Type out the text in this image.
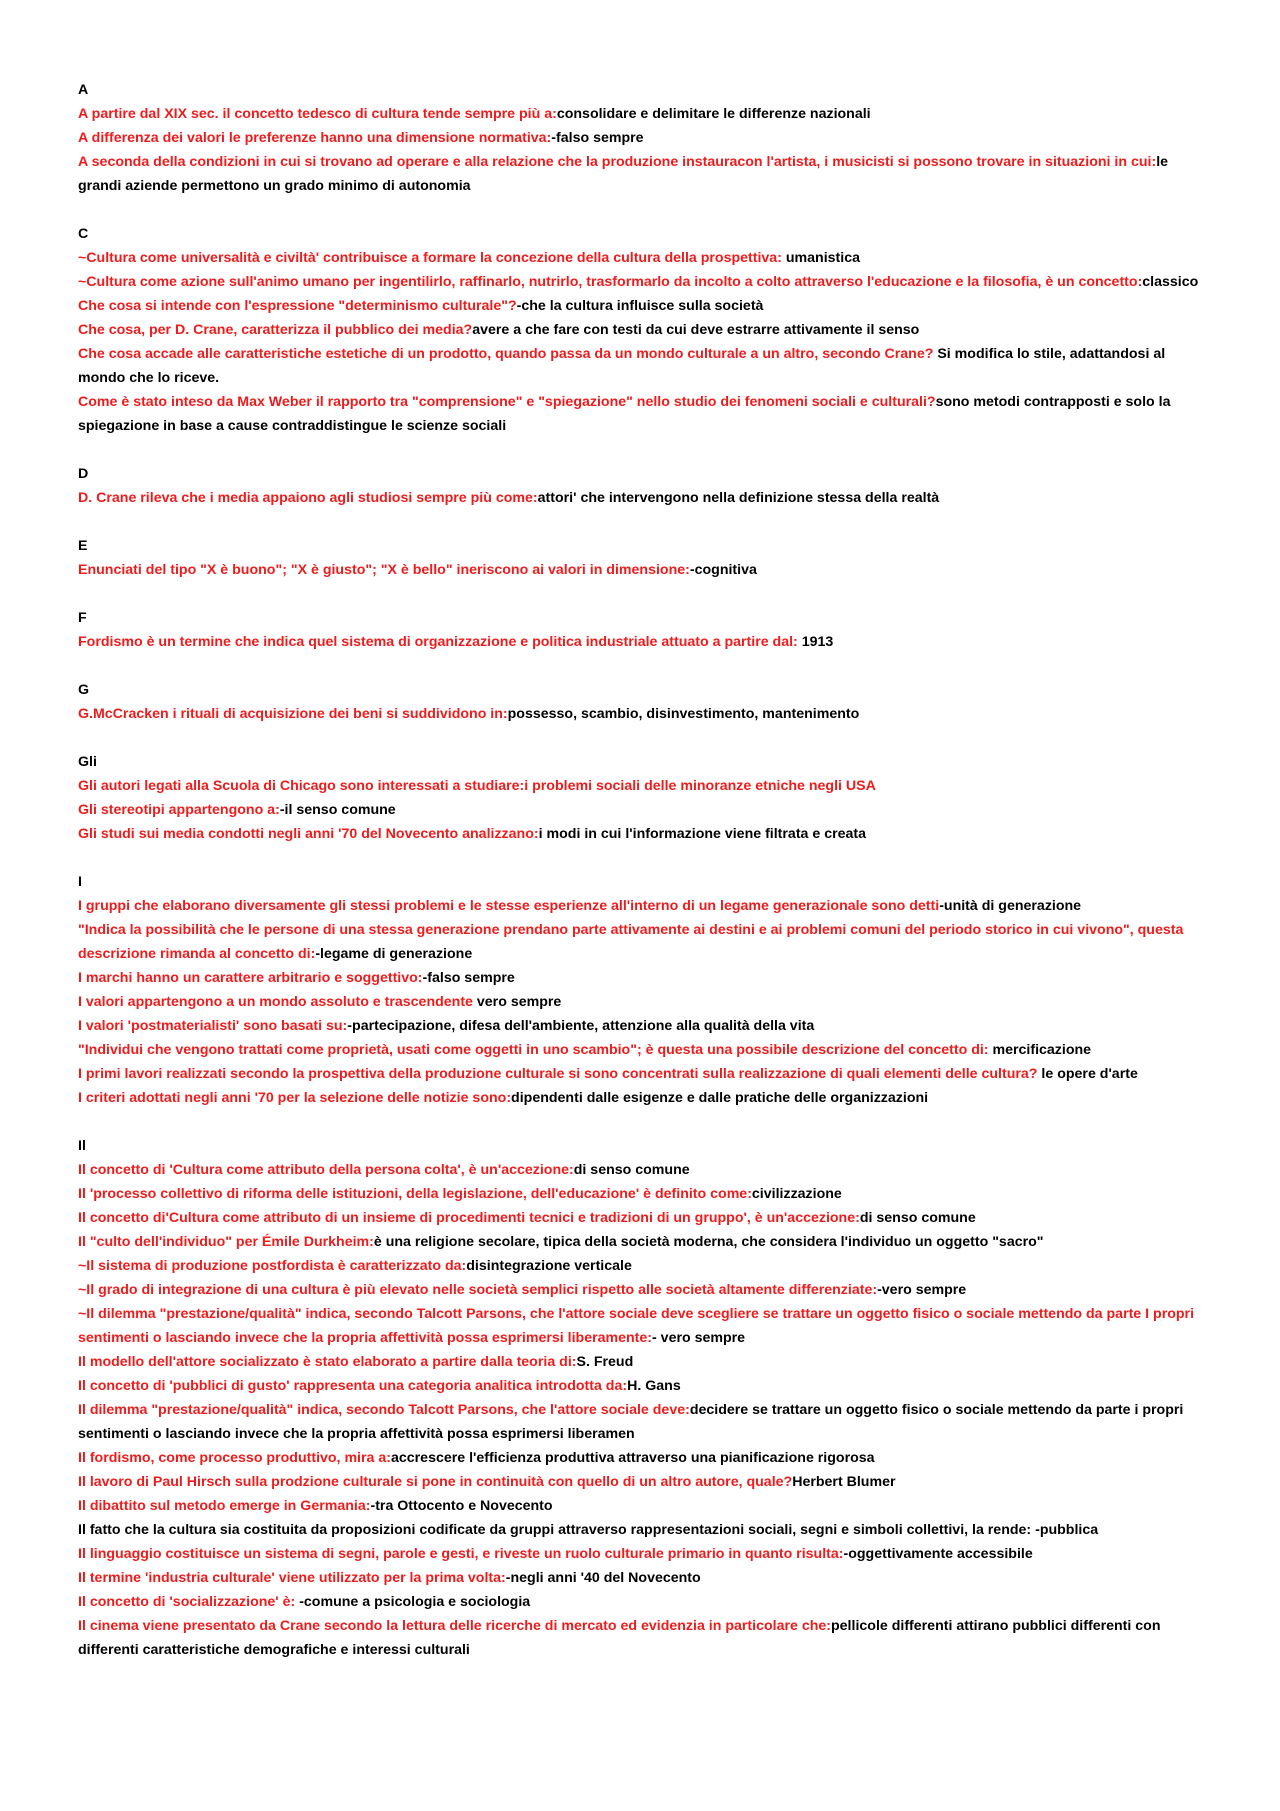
A
A partire dal XIX sec. il concetto tedesco di cultura tende sempre più a:consolidare e delimitare le differenze nazionali
A differenza dei valori le preferenze hanno una dimensione normativa:-falso sempre
A seconda della condizioni in cui si trovano ad operare e alla relazione che la produzione instauracon l'artista, i musicisti si possono trovare in situazioni in cui:le grandi aziende permettono un grado minimo di autonomia
C
~Cultura come universalità e civiltà' contribuisce a formare la concezione della cultura della prospettiva: umanistica
~Cultura come azione sull'animo umano per ingentilirlo, raffinarlo, nutrirlo, trasformarlo da incolto a colto attraverso l'educazione e la filosofia, è un concetto:classico
Che cosa si intende con l'espressione "determinismo culturale"?-che la cultura influisce sulla società
Che cosa, per D. Crane, caratterizza il pubblico dei media?avere a che fare con testi da cui deve estrarre attivamente il senso
Che cosa accade alle caratteristiche estetiche di un prodotto, quando passa da un mondo culturale a un altro, secondo Crane? Si modifica lo stile, adattandosi al mondo che lo riceve.
Come è stato inteso da Max Weber il rapporto tra "comprensione" e "spiegazione" nello studio dei fenomeni sociali e culturali?sono metodi contrapposti e solo la spiegazione in base a cause contraddistingue le scienze sociali
D
D. Crane rileva che i media appaiono agli studiosi sempre più come:attori' che intervengono nella definizione stessa della realtà
E
Enunciati del tipo "X è buono"; "X è giusto"; "X è bello" ineriscono ai valori in dimensione:-cognitiva
F
Fordismo è un termine che indica quel sistema di organizzazione e politica industriale attuato a partire dal: 1913
G
G.McCracken i rituali di acquisizione dei beni si suddividono in:possesso, scambio, disinvestimento, mantenimento
Gli
Gli autori legati alla Scuola di Chicago sono interessati a studiare:i problemi sociali delle minoranze etniche negli USA
Gli stereotipi appartengono a:-il senso comune
Gli studi sui media condotti negli anni '70 del Novecento analizzano:i modi in cui l'informazione viene filtrata e creata
I
I gruppi che elaborano diversamente gli stessi problemi e le stesse esperienze all'interno di un legame generazionale sono detti-unità di generazione
"Indica la possibilità che le persone di una stessa generazione prendano parte attivamente ai destini e ai problemi comuni del periodo storico in cui vivono", questa descrizione rimanda al concetto di:-legame di generazione
I marchi hanno un carattere arbitrario e soggettivo:-falso sempre
I valori appartengono a un mondo assoluto e trascendente vero sempre
I valori 'postmaterialisti' sono basati su:-partecipazione, difesa dell'ambiente, attenzione alla qualità della vita
"Individui che vengono trattati come proprietà, usati come oggetti in uno scambio"; è questa una possibile descrizione del concetto di: mercificazione
I primi lavori realizzati secondo la prospettiva della produzione culturale si sono concentrati sulla realizzazione di quali elementi delle cultura? le opere d'arte
I criteri adottati negli anni '70 per la selezione delle notizie sono:dipendenti dalle esigenze e dalle pratiche delle organizzazioni
Il
Il concetto di 'Cultura come attributo della persona colta', è un'accezione:di senso comune
Il 'processo collettivo di riforma delle istituzioni, della legislazione, dell'educazione' è definito come:civilizzazione
Il concetto di'Cultura come attributo di un insieme di procedimenti tecnici e tradizioni di un gruppo', è un'accezione:di senso comune
Il "culto dell'individuo" per Émile Durkheim:è una religione secolare, tipica della società moderna, che considera l'individuo un oggetto "sacro"
~Il sistema di produzione postfordista è caratterizzato da:disintegrazione verticale
~Il grado di integrazione di una cultura è più elevato nelle società semplici rispetto alle società altamente differenziate:-vero sempre
~Il dilemma "prestazione/qualità" indica, secondo Talcott Parsons, che l'attore sociale deve scegliere se trattare un oggetto fisico o sociale mettendo da parte I propri sentimenti o lasciando invece che la propria affettività possa esprimersi liberamente:- vero sempre
Il modello dell'attore socializzato è stato elaborato a partire dalla teoria di:S. Freud
Il concetto di 'pubblici di gusto' rappresenta una categoria analitica introdotta da:H. Gans
Il dilemma "prestazione/qualità" indica, secondo Talcott Parsons, che l'attore sociale deve:decidere se trattare un oggetto fisico o sociale mettendo da parte i propri sentimenti o lasciando invece che la propria affettività possa esprimersi liberamen
Il fordismo, come processo produttivo, mira a:accrescere l'efficienza produttiva attraverso una pianificazione rigorosa
Il lavoro di Paul Hirsch sulla prodzione culturale si pone in continuità con quello di un altro autore, quale?Herbert Blumer
Il dibattito sul metodo emerge in Germania:-tra Ottocento e Novecento
Il fatto che la cultura sia costituita da proposizioni codificate da gruppi attraverso rappresentazioni sociali, segni e simboli collettivi, la rende: -pubblica
Il linguaggio costituisce un sistema di segni, parole e gesti, e riveste un ruolo culturale primario in quanto risulta:-oggettivamente accessibile
Il termine 'industria culturale' viene utilizzato per la prima volta:-negli anni '40 del Novecento
Il concetto di 'socializzazione' è: -comune a psicologia e sociologia
Il cinema viene presentato da Crane secondo la lettura delle ricerche di mercato ed evidenzia in particolare che:pellicole differenti attirano pubblici differenti con differenti caratteristiche demografiche e interessi culturali
